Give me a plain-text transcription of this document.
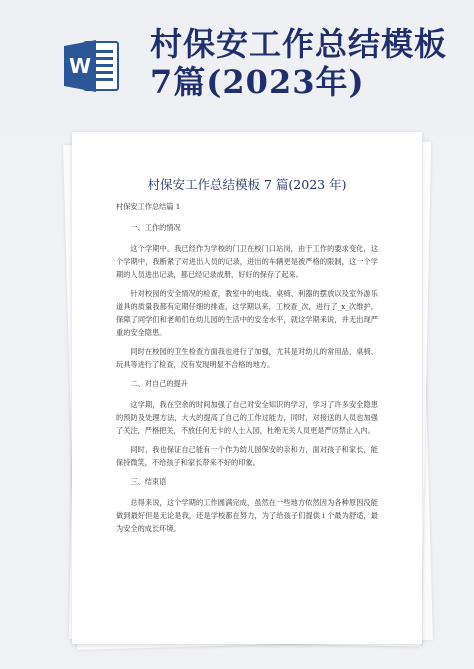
W
村保安工作总结模板7篇(2023年)
村保安工作总结模板 7 篇(2023 年)

村保安工作总结篇 1

一、工作的情况

这个学期中，我已经作为学校的门卫在校门口站岗，由于工作的要求变化，这个学期中，我断紧了对进出人员的记录，进出的车辆更是被严格的限制，这一个学期的人员进出记录，都已经记录成册，好好的保存了起来。

针对校园的安全情况的检查，教室中的电线、桌椅、利器的摆放以及室外游乐道具的质量我都有定期仔细的排查，这学期以来，工校查_次，进行了_x_次维护，保障了同学们和老师们在幼儿园的生活中的安全水平，就这学期来说，并无出现严重的安全隐患。

同时在校园的卫生检查方面我也进行了加强，尤其是对幼儿的常用品，桌椅、玩具等进行了检查，没有发现明显不合格的地方。

二、对自己的提升

这学期，我在空余的时间加强了自己对安全知识的学习，学习了许多安全隐患的预防及处理方法，大大的提高了自己的工作过能力，同时，对接送的人员也加强了关注，严格把关，不放任何无卡的人士入园，杜绝无关人员更是严厉禁止入内。

同时，我也保证自己能有一个作为幼儿园保安的亲和力，面对孩子和家长，能保持微笑，不给孩子和家长带来不好的印象。

三、结束语

总得来说，这个学期的工作圆满完成，虽然在一些地方依然因为各种原因没能做到最好但是无论是我，还是学校都在努力，为了给孩子们提供 i 个最为舒适，最为安全的成长环境。
